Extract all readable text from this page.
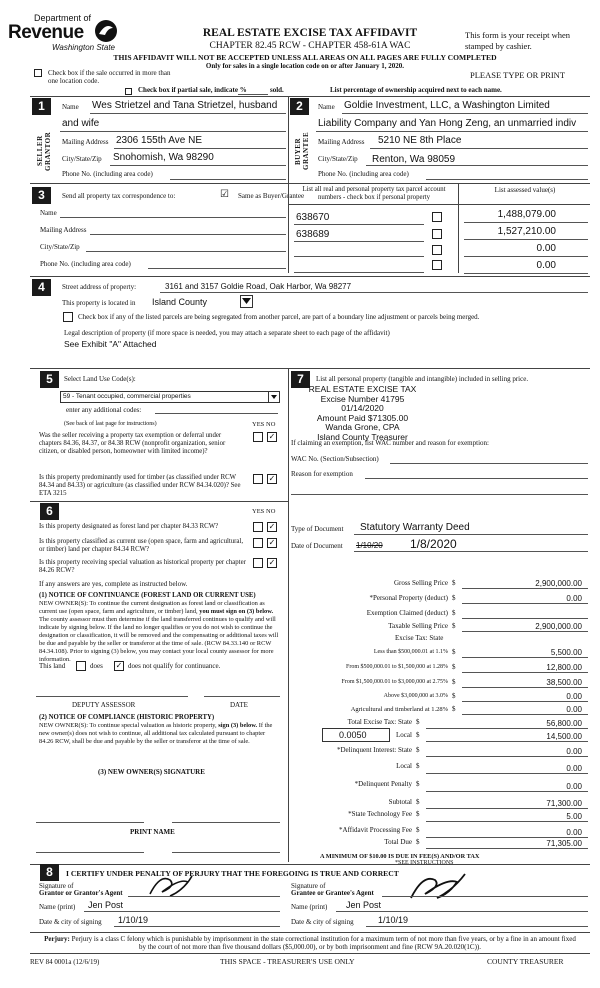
Department of
Revenue
Washington State
REAL ESTATE EXCISE TAX AFFIDAVIT
CHAPTER 82.45 RCW - CHAPTER 458-61A WAC
This form is your receipt when stamped by cashier.
THIS AFFIDAVIT WILL NOT BE ACCEPTED UNLESS ALL AREAS ON ALL PAGES ARE FULLY COMPLETED
Only for sales in a single location code on or after January 1, 2020.
PLEASE TYPE OR PRINT
Check box if the sale occurred in more than one location code.
Check box if partial sale, indicate %	sold.	List percentage of ownership acquired next to each name.
1
SELLER GRANTOR
Name Wes Strietzel and Tana Strietzel, husband
and wife
Mailing Address 2306 155th Ave NE
City/State/Zip Snohomish, Wa 98290
Phone No. (including area code)
2
BUYER GRANTEE
Name Goldie Investment, LLC, a Washington Limited
Liability Company and Yan Hong Zeng, an unmarried indiv
Mailing Address 5210 NE 8th Place
City/State/Zip Renton, Wa 98059
Phone No. (including area code)
3	Send all property tax correspondence to:	☑ Same as Buyer/Grantee
List all real and personal property tax parcel account numbers - check box if personal property
List assessed value(s)
Name
Mailing Address
City/State/Zip
Phone No. (including area code)
638670	1,488,079.00
638689	1,527,210.00
0.00
0.00
4	Street address of property:	3161 and 3157 Goldie Road, Oak Harbor, Wa 98277
This property is located in Island County
Check box if any of the listed parcels are being segregated from another parcel, are part of a boundary line adjustment or parcels being merged.
Legal description of property (if more space is needed, you may attach a separate sheet to each page of the affidavit)
See Exhibit "A" Attached
5	Select Land Use Code(s):
59 - Tenant occupied, commercial properties
enter any additional codes:
(See back of last page for instructions)	YES NO
Was the seller receiving a property tax exemption or deferral under chapters 84.36, 84.37, or 84.38 RCW (nonprofit organization, senior citizen, or disabled person, homeowner with limited income)?
✓
Is this property predominantly used for timber (as classified under RCW 84.34 and 84.33) or agriculture (as classified under RCW 84.34.020)? See ETA 3215
✓
6	YES NO
Is this property designated as forest land per chapter 84.33 RCW?	✓
Is this property classified as current use (open space, farm and agricultural, or timber) land per chapter 84.34 RCW?
✓
Is this property receiving special valuation as historical property per chapter 84.26 RCW?
✓
If any answers are yes, complete as instructed below.
(1) NOTICE OF CONTINUANCE (FOREST LAND OR CURRENT USE)
NEW OWNER(S): To continue the current designation as forest land or classification as current use (open space, farm and agriculture, or timber) land, you must sign on (3) below. The county assessor must then determine if the land transferred continues to qualify and will indicate by signing below. If the land no longer qualifies or you do not wish to continue the designation or classification, it will be removed and the compensating or additional taxes will be due and payable by the seller or transferor at the time of sale. (RCW 84.33.140 or RCW 84.34.108). Prior to signing (3) below, you may contact your local county assessor for more information.
This land	does ✓ does not qualify for continuance.
DEPUTY ASSESSOR	DATE
(2) NOTICE OF COMPLIANCE (HISTORIC PROPERTY)
NEW OWNER(S): To continue special valuation as historic property, sign (3) below. If the new owner(s) does not wish to continue, all additional tax calculated pursuant to chapter 84.26 RCW, shall be due and payable by the seller or transferor at the time of sale.
(3) NEW OWNER(S) SIGNATURE
PRINT NAME
7	List all personal property (tangible and intangible) included in selling price.
REAL ESTATE EXCISE TAX
Excise Number 41795
01/14/2020
Amount Paid $71305.00
Wanda Grone, CPA
Island County Treasurer
If claiming an exemption, list WAC number and reason for exemption:
WAC No. (Section/Subsection)
Reason for exemption
Type of Document Statutory Warranty Deed
Date of Document 1/10/20 1/8/2020
Gross Selling Price $	2,900,000.00
*Personal Property (deduct) $	0.00
Exemption Claimed (deduct) $
Taxable Selling Price $	2,900,000.00
Excise Tax: State
Less than $500,000.01 at 1.1% $	5,500.00
From $500,000.01 to $1,500,000 at 1.28% $	12,800.00
From $1,500,000.01 to $3,000,000 at 2.75% $	38,500.00
Above $3,000,000 at 3.0% $	0.00
Agricultural and timberland at 1.28% $	0.00
Total Excise Tax: State $	56,800.00
0.0050	Local $	14,500.00
*Delinquent Interest: State $	0.00
Local $	0.00
*Delinquent Penalty $	0.00
Subtotal $	71,300.00
*State Technology Fee $	5.00
*Affidavit Processing Fee $	0.00
Total Due $	71,305.00
A MINIMUM OF $10.00 IS DUE IN FEE(S) AND/OR TAX
*SEE INSTRUCTIONS
8	I CERTIFY UNDER PENALTY OF PERJURY THAT THE FOREGOING IS TRUE AND CORRECT
Signature of
Grantor or Grantor's Agent
Name (print) Jen Post
Date & city of signing 1/10/19
Signature of
Grantee or Grantee's Agent
Name (print) Jen Post
Date & city of signing	1/10/19
Perjury: Perjury is a class C felony which is punishable by imprisonment in the state correctional institution for a maximum term of not more than five years, or by a fine in an amount fixed by the court of not more than five thousand dollars ($5,000.00), or by both imprisonment and fine (RCW 9A.20.020(1C)).
REV 84 0001a (12/6/19)	THIS SPACE - TREASURER'S USE ONLY	COUNTY TREASURER
